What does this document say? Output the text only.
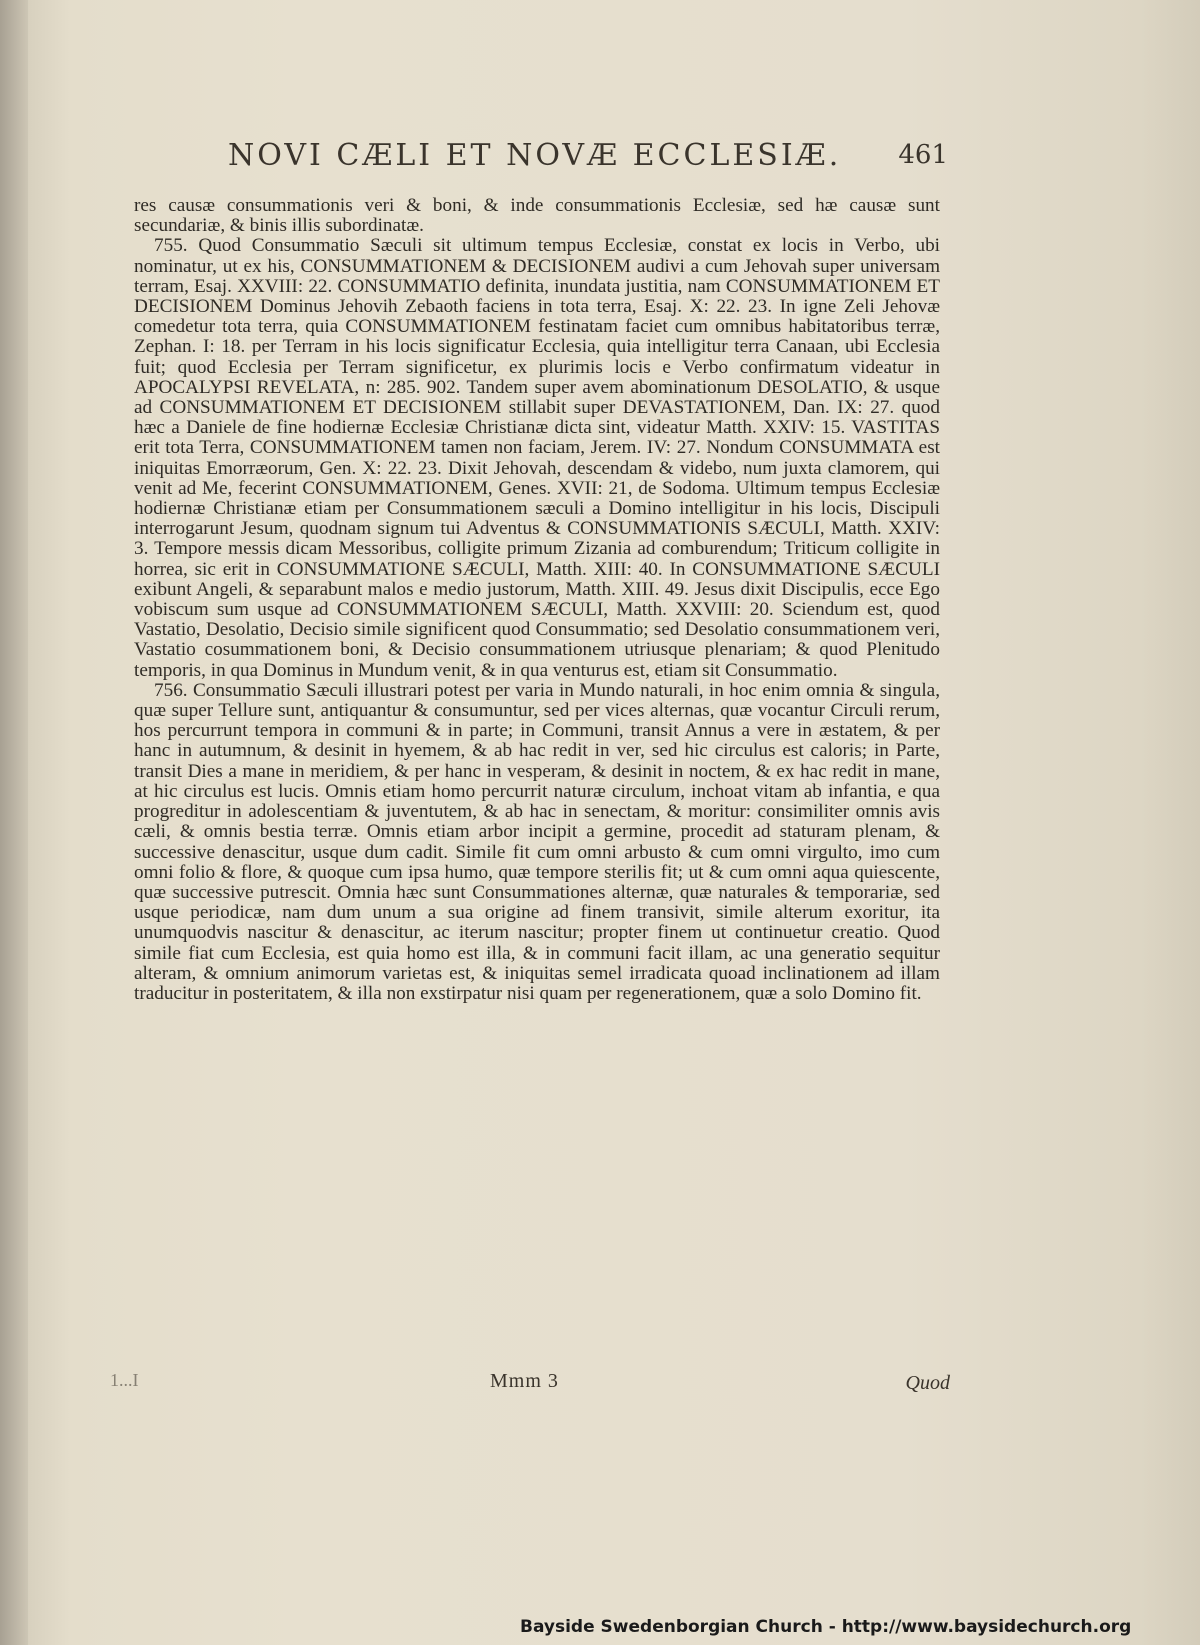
NOVI CÆLI ET NOVÆ ECCLESIÆ. 461

res causæ consummationis veri & boni, & inde consummationis Ecclesiæ, sed hæ causæ sunt secundariæ, & binis illis subordinatæ.

755. Quod Consummatio Sæculi sit ultimum tempus Ecclesiæ, constat ex locis in Verbo, ubi nominatur, ut ex his, CONSUMMATIONEM & DECISIONEM audivi a cum Jehovah super universam terram, Esaj. XXVIII: 22. CONSUMMATIO definita, inundata justitia, nam CONSUMMATIONEM ET DECISIONEM Dominus Jehovih Zebaoth faciens in tota terra, Esaj. X: 22. 23. In igne Zeli Jehovæ comedetur tota terra, quia CONSUMMATIONEM festinatam faciet cum omnibus habitatoribus terræ, Zephan. I: 18. per Terram in his locis significatur Ecclesia, quia intelligitur terra Canaan, ubi Ecclesia fuit; quod Ecclesia per Terram significetur, ex plurimis locis e Verbo confirmatum videatur in APOCALYPSI REVELATA, n: 285. 902. Tandem super avem abominationum DESOLATIO, & usque ad CONSUMMATIONEM ET DECISIONEM stillabit super DEVASTATIONEM, Dan. IX: 27. quod hæc a Daniele de fine hodiernæ Ecclesiæ Christianæ dicta sint, videatur Matth. XXIV: 15. VASTITAS erit tota Terra, CONSUMMATIONEM tamen non faciam, Jerem. IV: 27. Nondum CONSUMMATA est iniquitas Emorræorum, Gen. X: 22. 23. Dixit Jehovah, descendam & videbo, num juxta clamorem, qui venit ad Me, fecerint CONSUMMATIONEM, Genes. XVII: 21, de Sodoma. Ultimum tempus Ecclesiæ hodiernæ Christianæ etiam per Consummationem sæculi a Domino intelligitur in his locis, Discipuli interrogarunt Jesum, quodnam signum tui Adventus & CONSUMMATIONIS SÆCULI, Matth. XXIV: 3. Tempore messis dicam Messoribus, colligite primum Zizania ad comburendum; Triticum colligite in horrea, sic erit in CONSUMMATIONE SÆCULI, Matth. XIII: 40. In CONSUMMATIONE SÆCULI exibunt Angeli, & separabunt malos e medio justorum, Matth. XIII. 49. Jesus dixit Discipulis, ecce Ego vobiscum sum usque ad CONSUMMATIONEM SÆCULI, Matth. XXVIII: 20. Sciendum est, quod Vastatio, Desolatio, Decisio simile significent quod Consummatio; sed Desolatio consummationem veri, Vastatio cosummationem boni, & Decisio consummationem utriusque plenariam; & quod Plenitudo temporis, in qua Dominus in Mundum venit, & in qua venturus est, etiam sit Consummatio.

756. Consummatio Sæculi illustrari potest per varia in Mundo naturali, in hoc enim omnia & singula, quæ super Tellure sunt, antiquantur & consumuntur, sed per vices alternas, quæ vocantur Circuli rerum, hos percurrunt tempora in communi & in parte; in Communi, transit Annus a vere in æstatem, & per hanc in autumnum, & desinit in hyemem, & ab hac redit in ver, sed hic circulus est caloris; in Parte, transit Dies a mane in meridiem, & per hanc in vesperam, & desinit in noctem, & ex hac redit in mane, at hic circulus est lucis. Omnis etiam homo percurrit naturæ circulum, inchoat vitam ab infantia, e qua progreditur in adolescentiam & juventutem, & ab hac in senectam, & moritur: consimiliter omnis avis cæli, & omnis bestia terræ. Omnis etiam arbor incipit a germine, procedit ad staturam plenam, & successive denascitur, usque dum cadit. Simile fit cum omni arbusto & cum omni virgulto, imo cum omni folio & flore, & quoque cum ipsa humo, quæ tempore sterilis fit; ut & cum omni aqua quiescente, quæ successive putrescit. Omnia hæc sunt Consummationes alternæ, quæ naturales & temporariæ, sed usque periodicæ, nam dum unum a sua origine ad finem transivit, simile alterum exoritur, ita unumquodvis nascitur & denascitur, ac iterum nascitur; propter finem ut continuetur creatio. Quod simile fiat cum Ecclesia, est quia homo est illa, & in communi facit illam, ac una generatio sequitur alteram, & omnium animorum varietas est, & iniquitas semel irradicata quoad inclinationem ad illam traducitur in posteritatem, & illa non exstirpatur nisi quam per regenerationem, quæ a solo Domino fit.

1...I	Mmm 3	Quod
Bayside Swedenborgian Church - http://www.baysidechurch.org
